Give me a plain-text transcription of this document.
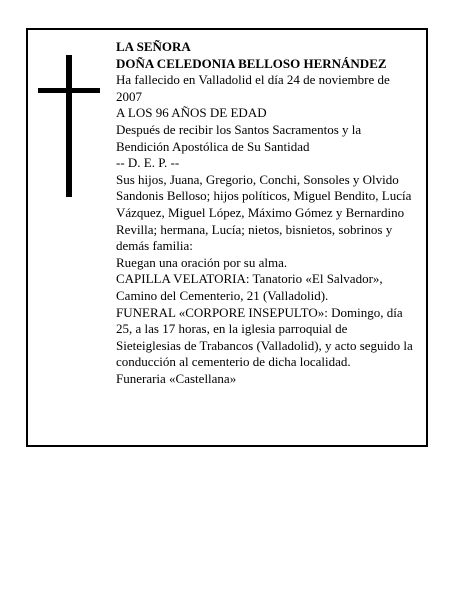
LA SEÑORA

DOÑA CELEDONIA BELLOSO HERNÁNDEZ

Ha fallecido en Valladolid el día 24 de noviembre de 2007

A LOS 96 AÑOS DE EDAD

Después de recibir los Santos Sacramentos y la Bendición Apostólica de Su Santidad

-- D. E. P. --

Sus hijos, Juana, Gregorio, Conchi, Sonsoles y Olvido Sandonis Belloso; hijos políticos, Miguel Bendito, Lucía Vázquez, Miguel López, Máximo Gómez y Bernardino Revilla; hermana, Lucía; nietos, bisnietos, sobrinos y demás familia:

Ruegan una oración por su alma.

CAPILLA VELATORIA: Tanatorio «El Salvador», Camino del Cementerio, 21 (Valladolid).

FUNERAL «CORPORE INSEPULTO»: Domingo, día 25, a las 17 horas, en la iglesia parroquial de Sieteiglesias de Trabancos (Valladolid), y acto seguido la conducción al cementerio de dicha localidad.

Funeraria «Castellana»
